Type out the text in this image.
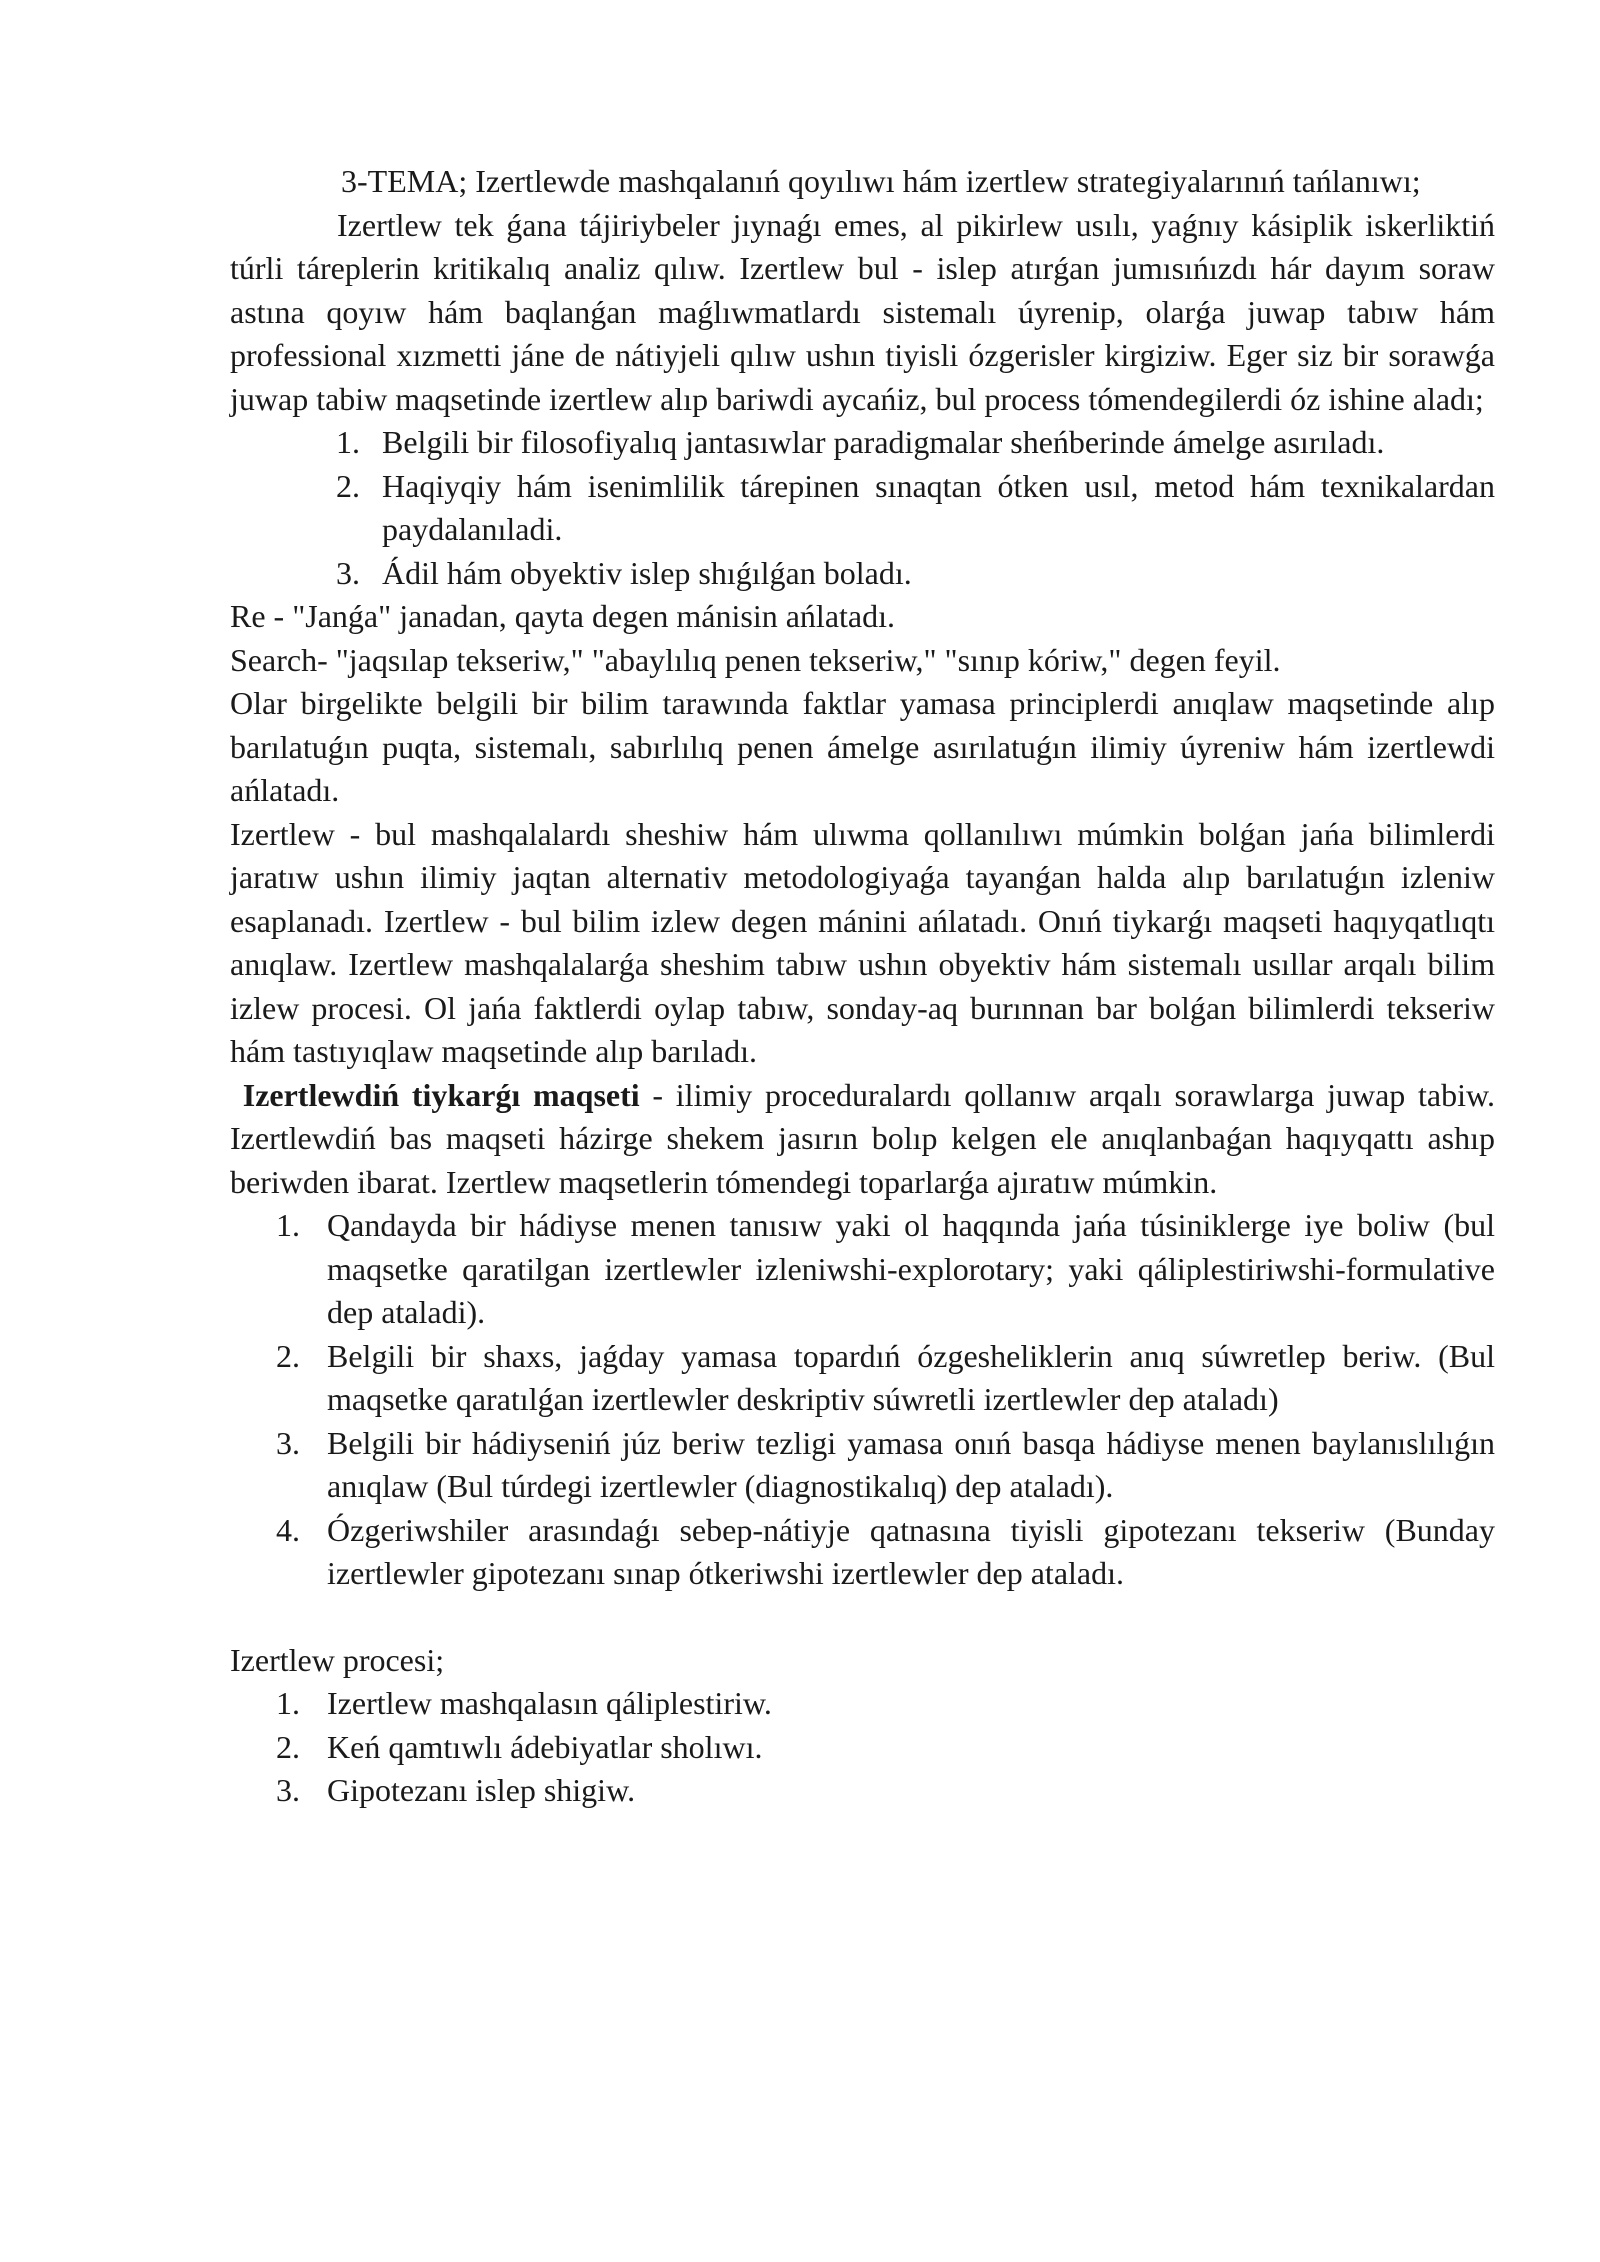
3-TEMA; Izertlewde mashqalanıń qoyılıwı hám izertlew strategiyalarınıń tańlanıwı;

Izertlew tek ǵana tájiriybeler jıynaǵı emes, al pikirlew usılı, yaǵnıy kásiplik iskerliktiń túrli táreplerin kritikalıq analiz qılıw. Izertlew bul - islep atırǵan jumısıńızdı hár dayım soraw astına qoyıw hám baqlanǵan maǵlıwmatlardı sistemalı úyrenip, olarǵa juwap tabıw hám professional xızmetti jáne de nátiyjeli qılıw ushın tiyisli ózgerisler kirgiziw. Eger siz bir sorawǵa juwap tabiw maqsetinde izertlew alıp bariwdi aycańiz, bul process tómendegilerdi óz ishine aladı;

1. Belgili bir filosofiyalıq jantasıwlar paradigmalar sheńberinde ámelge asırıladı.
2. Haqiyqiy hám isenimlilik tárepinen sınaqtan ótken usıl, metod hám texnikalardan paydalanıladi.
3. Ádil hám obyektiv islep shıǵılǵan boladı.

Re - "Janǵa" janadan, qayta degen mánisin ańlatadı.

Search- "jaqsılap tekseriw," "abaylılıq penen tekseriw," "sınıp kóriw," degen feyil.

Olar birgelikte belgili bir bilim tarawında faktlar yamasa principlerdi anıqlaw maqsetinde alıp barılatuǵın puqta, sistemalı, sabırlılıq penen ámelge asırılatuǵın ilimiy úyreniw hám izertlewdi ańlatadı.

Izertlew - bul mashqalalardı sheshiw hám ulıwma qollanılıwı múmkin bolǵan jańa bilimlerdi jaratıw ushın ilimiy jaqtan alternativ metodologiyaǵa tayanǵan halda alıp barılatuǵın izleniw esaplanadı. Izertlew - bul bilim izlew degen mánini ańlatadı. Onıń tiykarǵı maqseti haqıyqatlıqtı anıqlaw. Izertlew mashqalalarǵa sheshim tabıw ushın obyektiv hám sistemalı usıllar arqalı bilim izlew procesi. Ol jańa faktlerdi oylap tabıw, sonday-aq burınnan bar bolǵan bilimlerdi tekseriw hám tastıyıqlaw maqsetinde alıp barıladı.

Izertlewdiń tiykarǵı maqseti - ilimiy proceduralardı qollanıw arqalı sorawlarga juwap tabiw. Izertlewdiń bas maqseti házirge shekem jasırın bolıp kelgen ele anıqlanbaǵan haqıyqattı ashıp beriwden ibarat. Izertlew maqsetlerin tómendegi toparlarǵa ajıratıw múmkin.

1. Qandayda bir hádiyse menen tanısıw yaki ol haqqında jańa túsiniklerge iye boliw (bul maqsetke qaratilgan izertlewler izleniwshi-explorotary; yaki qáliplestiriwshi-formulative dep ataladi).
2. Belgili bir shaxs, jaǵday yamasa topardıń ózgesheliklerin anıq súwretlep beriw. (Bul maqsetke qaratılǵan izertlewler deskriptiv súwretli izertlewler dep ataladı)
3. Belgili bir hádiyseniń júz beriw tezligi yamasa onıń basqa hádiyse menen baylanıslılıǵın anıqlaw (Bul túrdegi izertlewler (diagnostikalıq) dep ataladı).
4. Ózgeriwshiler arasındaǵı sebep-nátiyje qatnasına tiyisli gipotezanı tekseriw (Bunday izertlewler gipotezanı sınap ótkeriwshi izertlewler dep ataladı.

Izertlew procesi;

1. Izertlew mashqalasın qáliplestiriw.
2. Keń qamtıwlı ádebiyatlar sholıwı.
3. Gipotezanı islep shigiw.
